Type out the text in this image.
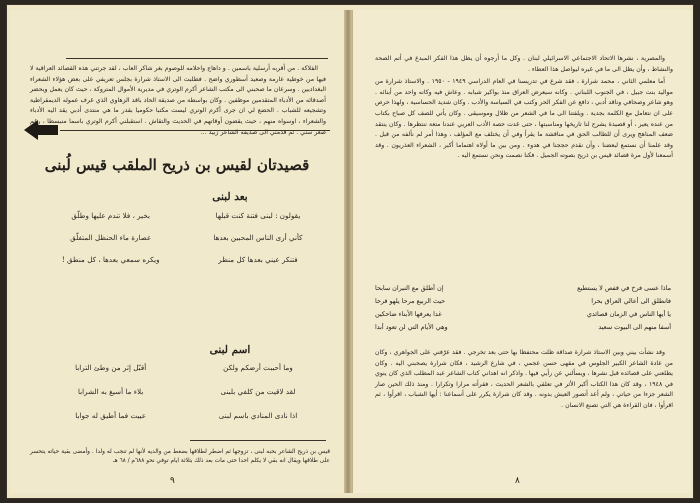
الفلاكة . من أقربه أرسلية باسمين . و داهاج واحلامه للوصوم بغر شاكر العاب ، لقد جرتني هذه القصائد العراقية لا فيها من خوطية عارمة وصعيد أسطوري واضح . فطلبت الى الاستاذ شرارة بجلس تعريفي على بعض هؤلاء الشعراء البغداديين . وسرعان ما صحبني الى مكتب الشاعر أكرم الوتري في مديرية الأموال المتروكة ، حيث كان يعمل ويحضر أصدقائه من الأدباء المتقدمين موظفين . وكان بواسطة من صديقة الحاد باقد الزهاوي الذي غرف عموله الديمقراطية وتشجيعه للشباب . الحضع لي ان جرى أكرم الوتري ليست مكتبا حكوميا بقدر ما هي منتدى أدبي يقد اليه الأدباء والشعراء ، اوسواه منهم ، حيث يقضون أوقاتهم في الحديث والتقاش . استقبلني أكرم الوتري باسما منبسطا ، رغم صغر سني . ثم قدمني الى صديقه الشاعر زبيد ...

قصيدتان لقيس بن ذريح الملقب قيس لُبنى
بعد لبنى
يقولون : لبنى فتنة كنت قبلها بخير ، فلا تندم عليها وطلّق
كأني أرى الناس المحبين بعدها عصارة ماء الحنظل المتفلّق
فتنكر عيني بعدها كل منظر ويكره سمعي بعدها ، كل منطق !
اسم لبنى
وما أحببت أرضكم ولكن أقبّل إثر من وطئ الترابا
لقد لاقيت من كلفي بلبنى بلاء ما أسيغ به الشرابا
اذا نادى المنادي باسم لبنى عييت فما أطيق له جوابا
قيس بن ذريح الشاعر بحبه لبنى ، تزوجها ثم اضطر لطلاقها بضغط من والديه لأنها لم تنجب له ولدا . وأمضى بقية حياته يتحسر على طلاقها ويقال انه بقي لا يكلم احدا حتى مات بعد ذلك بثلاثة ايام توفي نحو ٦٨٨م / ٦٨ هـ
٩

والمصرية ، نشرها الاتحاد الاجتماعي الاسرائيلي لبنان . وكل ما أرجوه أن يظل هذا الفكر المبدع في أتم الصحة والنشاط ، وأن يظل الى ما في غيره ليواصل هذا العطاء .

أما معلمي الثاني ، محمد شرارة ، فقد شرع في تدريسنا في العام الدراسي ١٩٤٩ - ١٩٥٠ . والاستاذ شرارة من مواليد بنت جبيل ، في الجنوب اللبناني . وكانه سيعرض العراق منذ بواكير شبابه . وعاش فيه وكانه واحد من أبنائه . وهو شاعر وصحافي وناقد أدبي ، دافع عن الفكر الحر وكتب في السياسة والأدب . وكان شديد الحساسية ، ولهذا حرص على ان نتعامل مع الكلمة بجدية . ويلفتنا الى ما في الشعر من ظلال وموسيقى . وكان يأتي للصف كل صباح بكتاب من عنده يعير ، أو قصيدة يشرح لنا تاريخها ومناسبتها ، حتى غدت حصة الأدب العربي عندنا متعة ننتظرها . وكان ينتقد ضعف المناهج ويرى أن للطالب الحق في مناقشة ما يقرأ وفي أن يختلف مع المؤلف ، وهذا أمر لم نألفه من قبل . وقد علمنا أن نستمع لبعضنا ، وأن نقدم حججنا في هدوء . ومن بين ما أولاه اهتماما أكبر ، الشعراء العذريون . وقد أسمعنا لأول مرة قصائد قيس بن ذريح بصوته الجميل . فكنا نصمت ونحن نستمع اليه .

ماذا عسى فرخ في قفص لا يستطيع
إن أطلق مع النيران سابحا
فانطلق الى أعالي العراق بحرا
حيث الربيع مرحا يلهو فرحا
يا أيها الناس في الزمان قصائدي
غدا يعرفها الأبناء ضاحكين
أسفا منهم الى البيوت سعيد
وهي الأيام التي لن تعود أبدا

وقد نشأت بيني وبين الاستاذ شرارة صداقة ظلت محتفظا بها حتى بعد تخرجي . فقد عرّفني على الجواهري ، وكان من عادة الشاعر الكبير الجلوس في مقهى حسن عجمي ، في شارع الرشيد ، فكان شرارة يصحبني اليه . وكان يطلعني على قصائده قبل نشرها ، ويسألني عن رأيي فيها . واذكر انه اهداني كتاب الشاعر عبد المطلب الذي كان ينوي في ١٩٤٨ ، وقد كان هذا الكتاب أكبر الأثر في تعلقي بالشعر الحديث ، فقرأته مرارا وتكرارا . ومنذ ذلك الحين صار الشعر جزءا من حياتي ، ولم أعد أتصور العيش بدونه . وقد كان شرارة يكرر على أسماعنا : أيها الشباب ، اقرأوا ، ثم اقرأوا ، فان القراءة هي التي تصنع الانسان .

٨
